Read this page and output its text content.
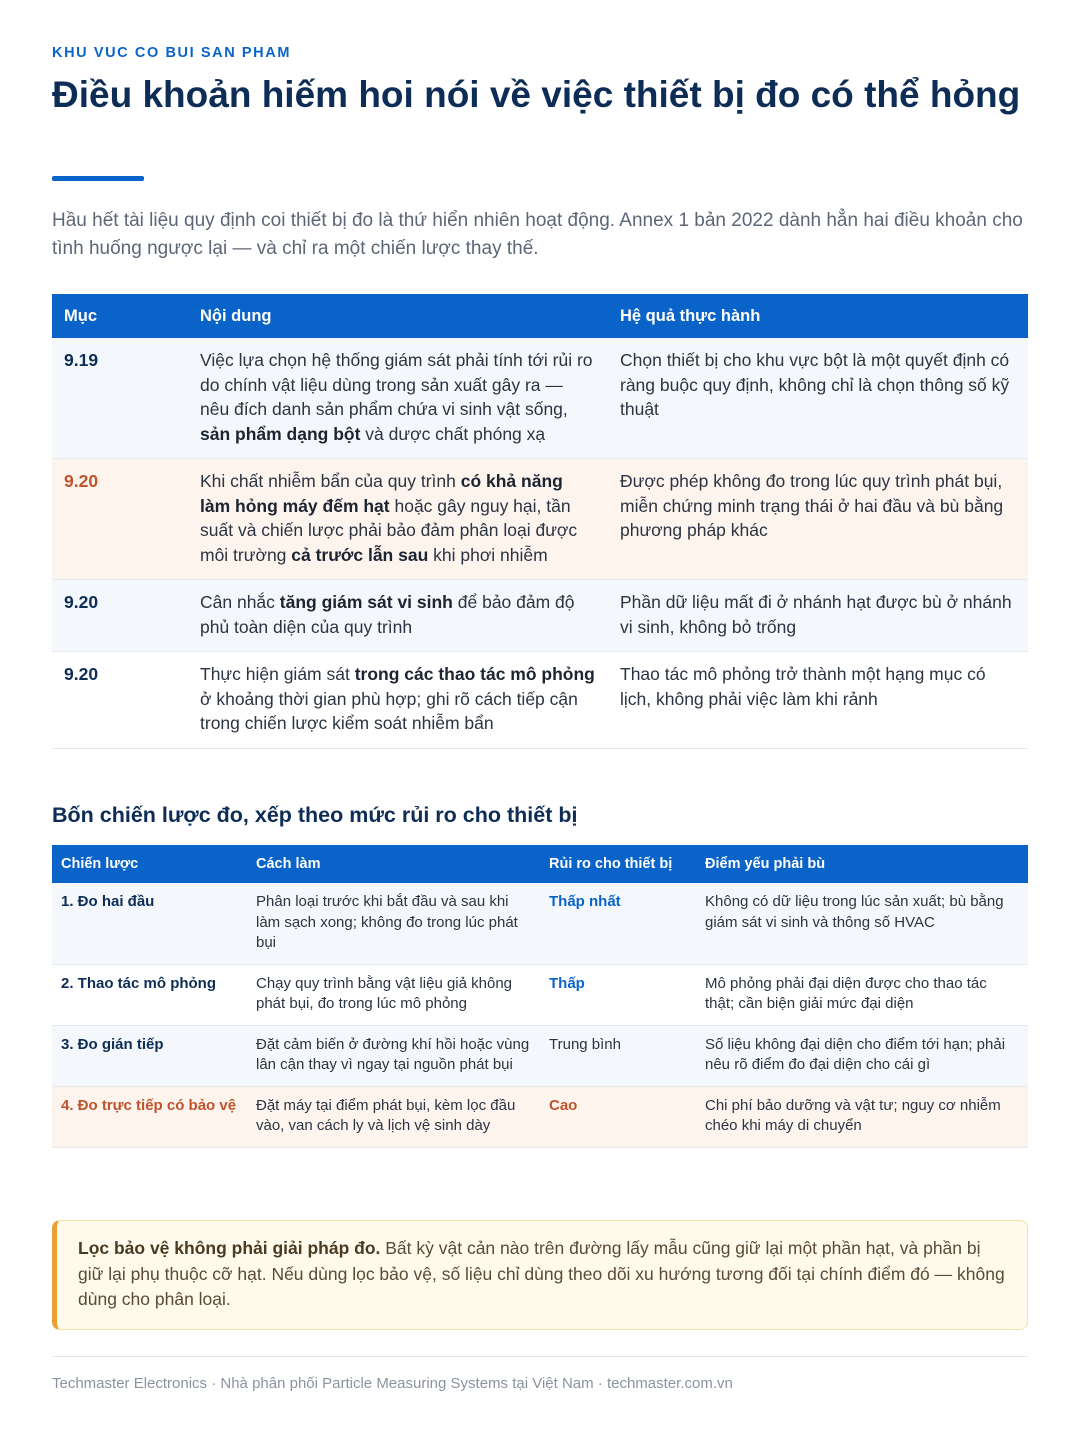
KHU VUC CO BUI SAN PHAM
Điều khoản hiếm hoi nói về việc thiết bị đo có thể hỏng

Hầu hết tài liệu quy định coi thiết bị đo là thứ hiển nhiên hoạt động. Annex 1 bản 2022 dành hẳn hai điều khoản cho tình huống ngược lại — và chỉ ra một chiến lược thay thế.

Mục	Nội dung	Hệ quả thực hành
9.19	Việc lựa chọn hệ thống giám sát phải tính tới rủi ro do chính vật liệu dùng trong sản xuất gây ra — nêu đích danh sản phẩm chứa vi sinh vật sống, sản phẩm dạng bột và dược chất phóng xạ	Chọn thiết bị cho khu vực bột là một quyết định có ràng buộc quy định, không chỉ là chọn thông số kỹ thuật
9.20	Khi chất nhiễm bẩn của quy trình có khả năng làm hỏng máy đếm hạt hoặc gây nguy hại, tần suất và chiến lược phải bảo đảm phân loại được môi trường cả trước lẫn sau khi phơi nhiễm	Được phép không đo trong lúc quy trình phát bụi, miễn chứng minh trạng thái ở hai đầu và bù bằng phương pháp khác
9.20	Cân nhắc tăng giám sát vi sinh để bảo đảm độ phủ toàn diện của quy trình	Phần dữ liệu mất đi ở nhánh hạt được bù ở nhánh vi sinh, không bỏ trống
9.20	Thực hiện giám sát trong các thao tác mô phỏng ở khoảng thời gian phù hợp; ghi rõ cách tiếp cận trong chiến lược kiểm soát nhiễm bẩn	Thao tác mô phỏng trở thành một hạng mục có lịch, không phải việc làm khi rảnh
Bốn chiến lược đo, xếp theo mức rủi ro cho thiết bị
Chiến lược	Cách làm	Rủi ro cho thiết bị	Điểm yếu phải bù
1. Đo hai đầu	Phân loại trước khi bắt đầu và sau khi làm sạch xong; không đo trong lúc phát bụi	Thấp nhất	Không có dữ liệu trong lúc sản xuất; bù bằng giám sát vi sinh và thông số HVAC
2. Thao tác mô phỏng	Chạy quy trình bằng vật liệu giả không phát bụi, đo trong lúc mô phỏng	Thấp	Mô phỏng phải đại diện được cho thao tác thật; cần biện giải mức đại diện
3. Đo gián tiếp	Đặt cảm biến ở đường khí hồi hoặc vùng lân cận thay vì ngay tại nguồn phát bụi	Trung bình	Số liệu không đại diện cho điểm tới hạn; phải nêu rõ điểm đo đại diện cho cái gì
4. Đo trực tiếp có bảo vệ	Đặt máy tại điểm phát bụi, kèm lọc đầu vào, van cách ly và lịch vệ sinh dày	Cao	Chi phí bảo dưỡng và vật tư; nguy cơ nhiễm chéo khi máy di chuyển
Lọc bảo vệ không phải giải pháp đo. Bất kỳ vật cản nào trên đường lấy mẫu cũng giữ lại một phần hạt, và phần bị giữ lại phụ thuộc cỡ hạt. Nếu dùng lọc bảo vệ, số liệu chỉ dùng theo dõi xu hướng tương đối tại chính điểm đó — không dùng cho phân loại.
Techmaster Electronics · Nhà phân phối Particle Measuring Systems tại Việt Nam · techmaster.com.vn
